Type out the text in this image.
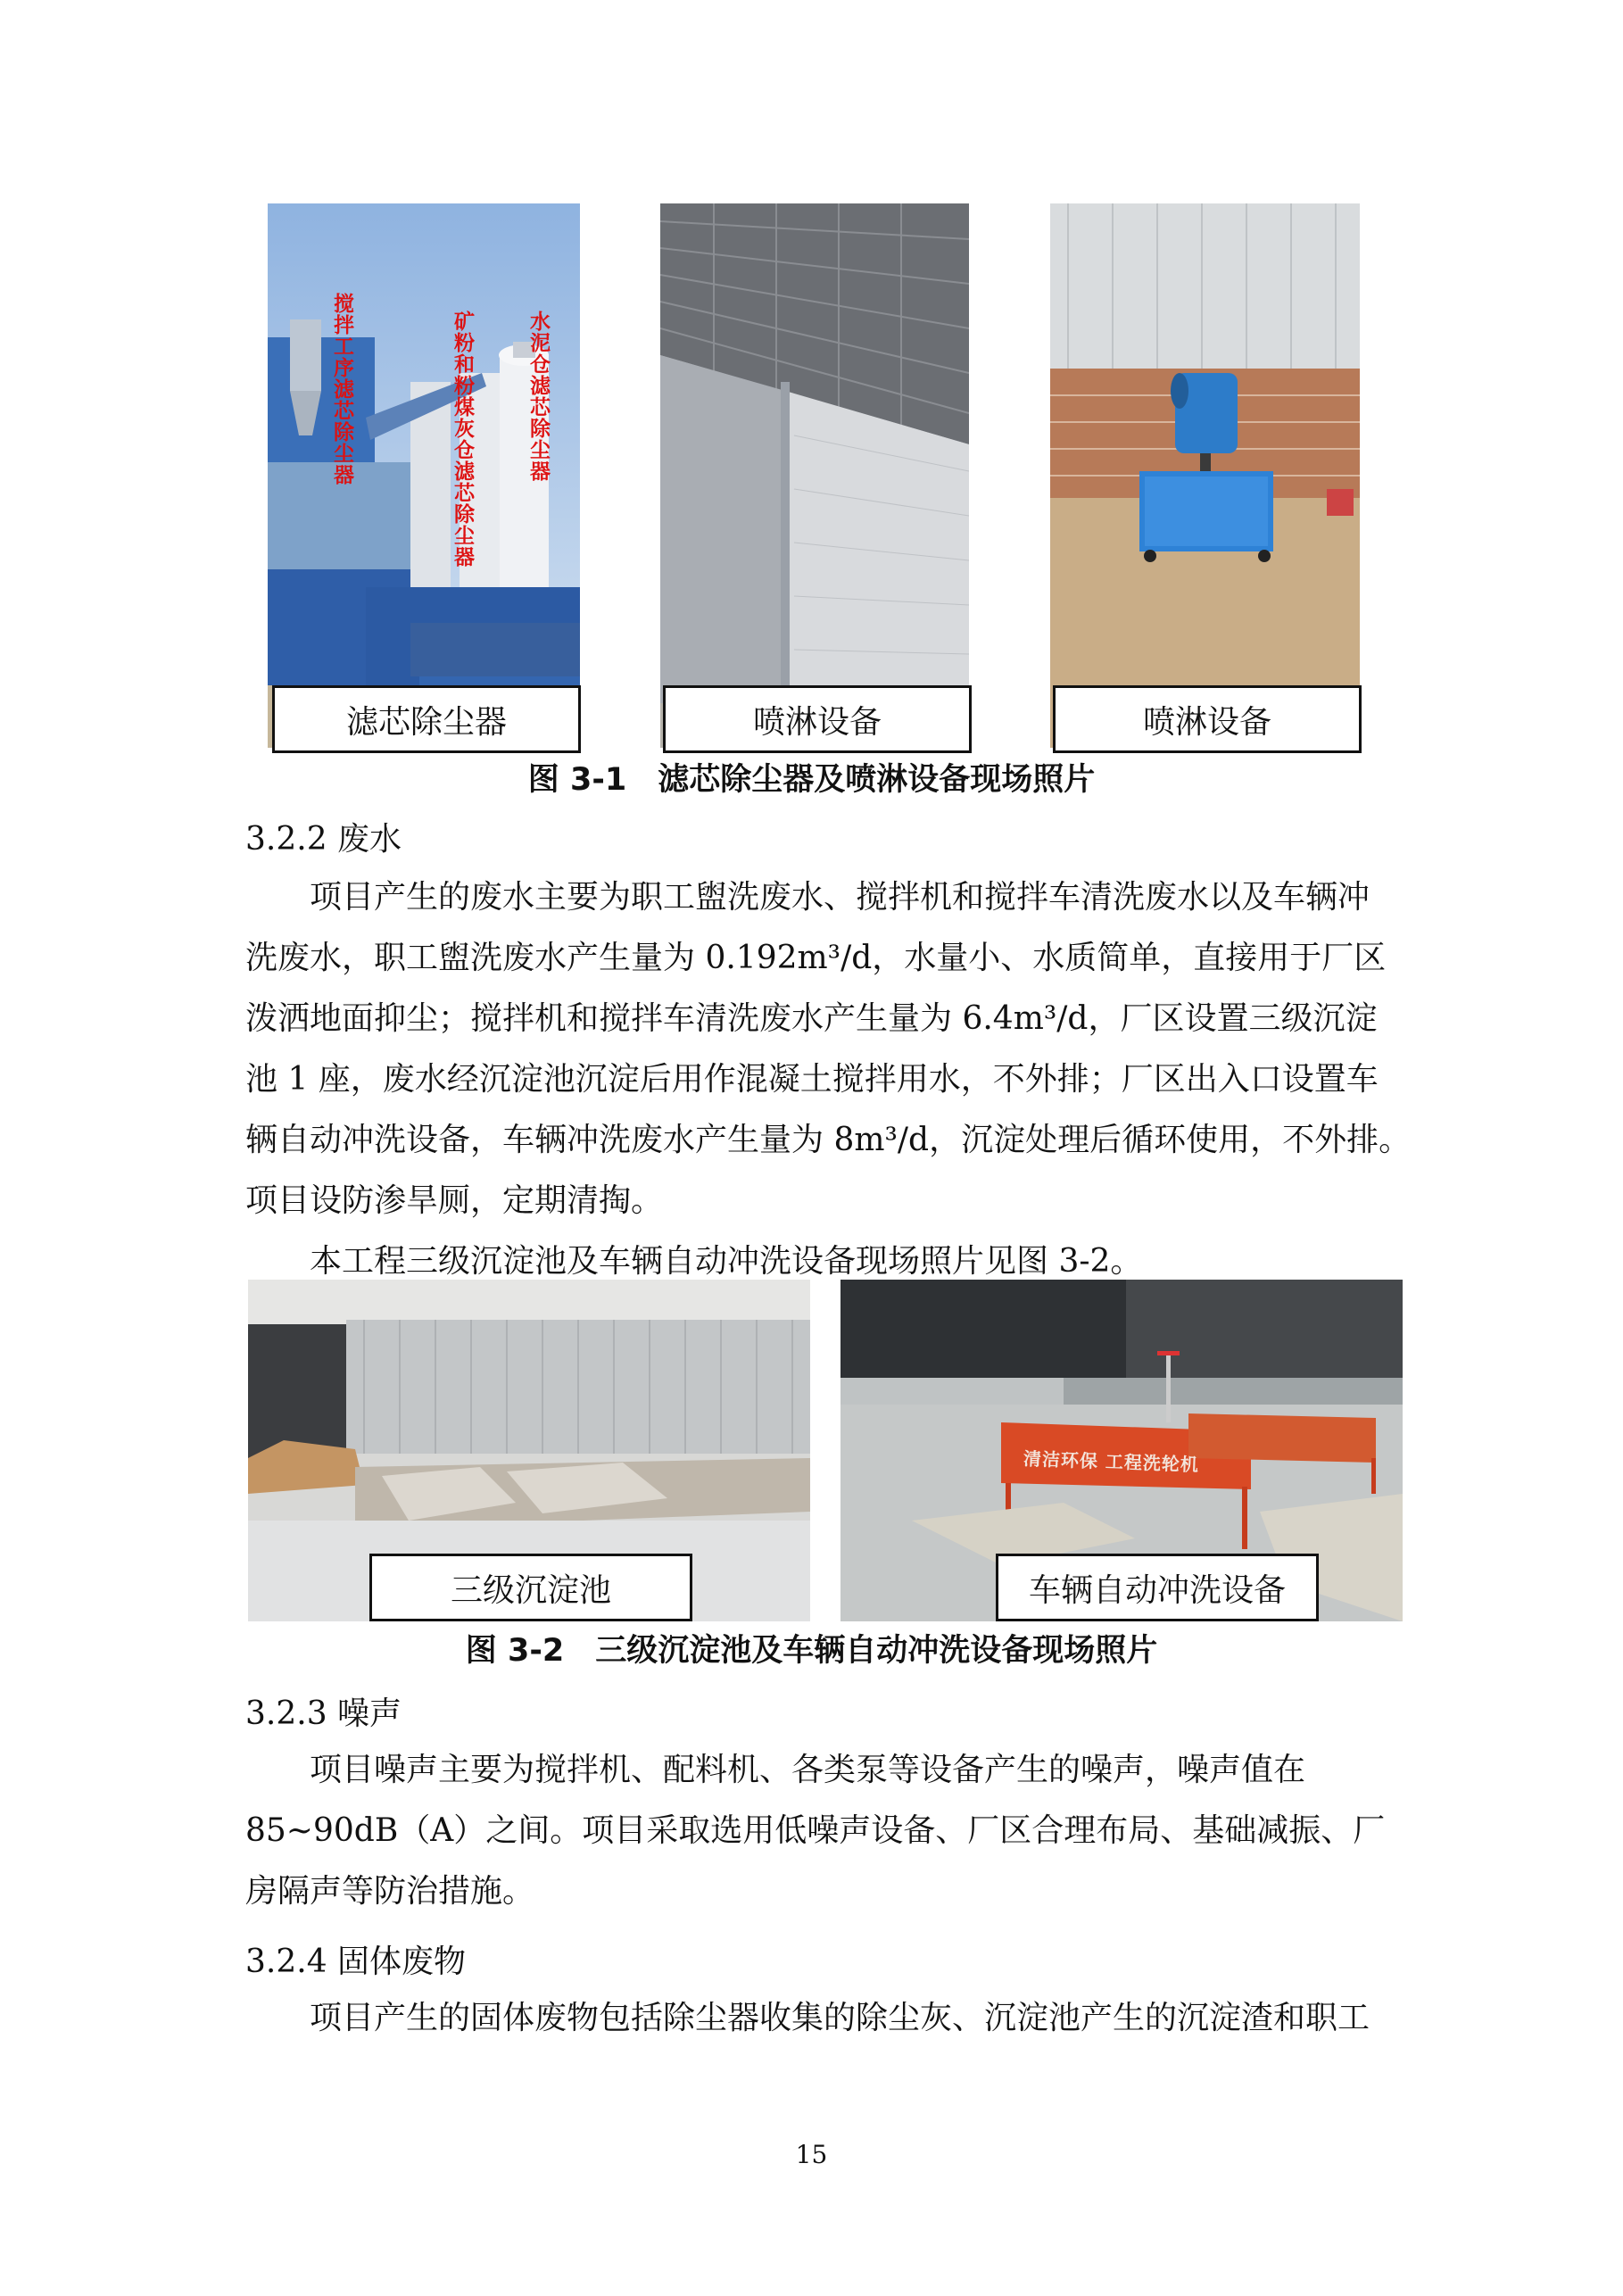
搅拌工序滤芯除尘器	矿粉和粉煤灰仓滤芯除尘器	水泥仓滤芯除尘器
滤芯除尘器	喷淋设备	喷淋设备
图 3-1　滤芯除尘器及喷淋设备现场照片
3.2.2 废水
项目产生的废水主要为职工盥洗废水、搅拌机和搅拌车清洗废水以及车辆冲
洗废水，职工盥洗废水产生量为 0.192m³/d，水量小、水质简单，直接用于厂区
泼洒地面抑尘；搅拌机和搅拌车清洗废水产生量为 6.4m³/d，厂区设置三级沉淀
池 1 座，废水经沉淀池沉淀后用作混凝土搅拌用水，不外排；厂区出入口设置车
辆自动冲洗设备，车辆冲洗废水产生量为 8m³/d，沉淀处理后循环使用，不外排。
项目设防渗旱厕，定期清掏。
本工程三级沉淀池及车辆自动冲洗设备现场照片见图 3-2。
三级沉淀池
清洁环保 工程洗轮机
车辆自动冲洗设备
图 3-2　三级沉淀池及车辆自动冲洗设备现场照片
3.2.3 噪声
项目噪声主要为搅拌机、配料机、各类泵等设备产生的噪声，噪声值在
85~90dB（A）之间。项目采取选用低噪声设备、厂区合理布局、基础减振、厂
房隔声等防治措施。
3.2.4 固体废物
项目产生的固体废物包括除尘器收集的除尘灰、沉淀池产生的沉淀渣和职工
15
